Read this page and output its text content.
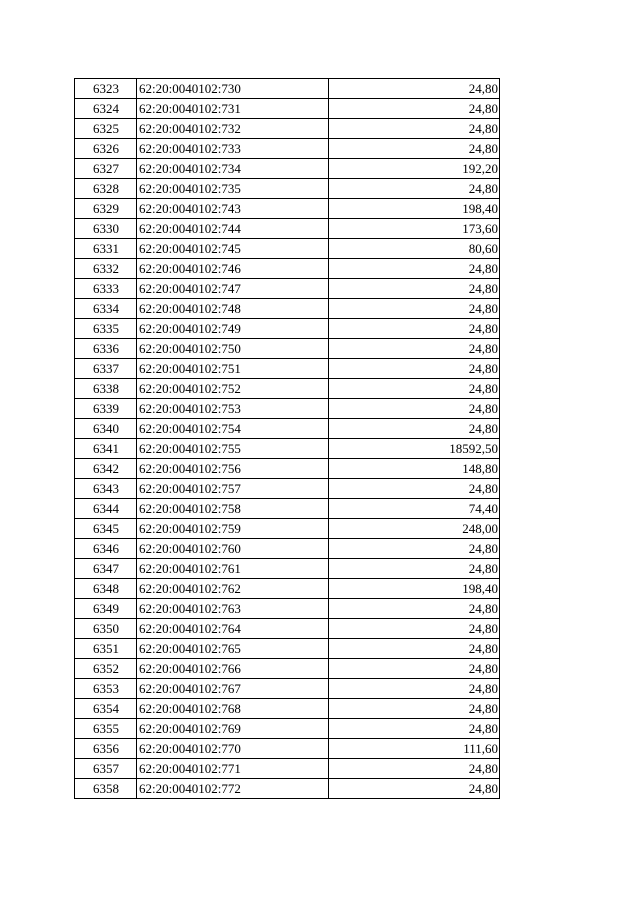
6323	62:20:0040102:730	24,80
6324	62:20:0040102:731	24,80
6325	62:20:0040102:732	24,80
6326	62:20:0040102:733	24,80
6327	62:20:0040102:734	192,20
6328	62:20:0040102:735	24,80
6329	62:20:0040102:743	198,40
6330	62:20:0040102:744	173,60
6331	62:20:0040102:745	80,60
6332	62:20:0040102:746	24,80
6333	62:20:0040102:747	24,80
6334	62:20:0040102:748	24,80
6335	62:20:0040102:749	24,80
6336	62:20:0040102:750	24,80
6337	62:20:0040102:751	24,80
6338	62:20:0040102:752	24,80
6339	62:20:0040102:753	24,80
6340	62:20:0040102:754	24,80
6341	62:20:0040102:755	18592,50
6342	62:20:0040102:756	148,80
6343	62:20:0040102:757	24,80
6344	62:20:0040102:758	74,40
6345	62:20:0040102:759	248,00
6346	62:20:0040102:760	24,80
6347	62:20:0040102:761	24,80
6348	62:20:0040102:762	198,40
6349	62:20:0040102:763	24,80
6350	62:20:0040102:764	24,80
6351	62:20:0040102:765	24,80
6352	62:20:0040102:766	24,80
6353	62:20:0040102:767	24,80
6354	62:20:0040102:768	24,80
6355	62:20:0040102:769	24,80
6356	62:20:0040102:770	111,60
6357	62:20:0040102:771	24,80
6358	62:20:0040102:772	24,80
